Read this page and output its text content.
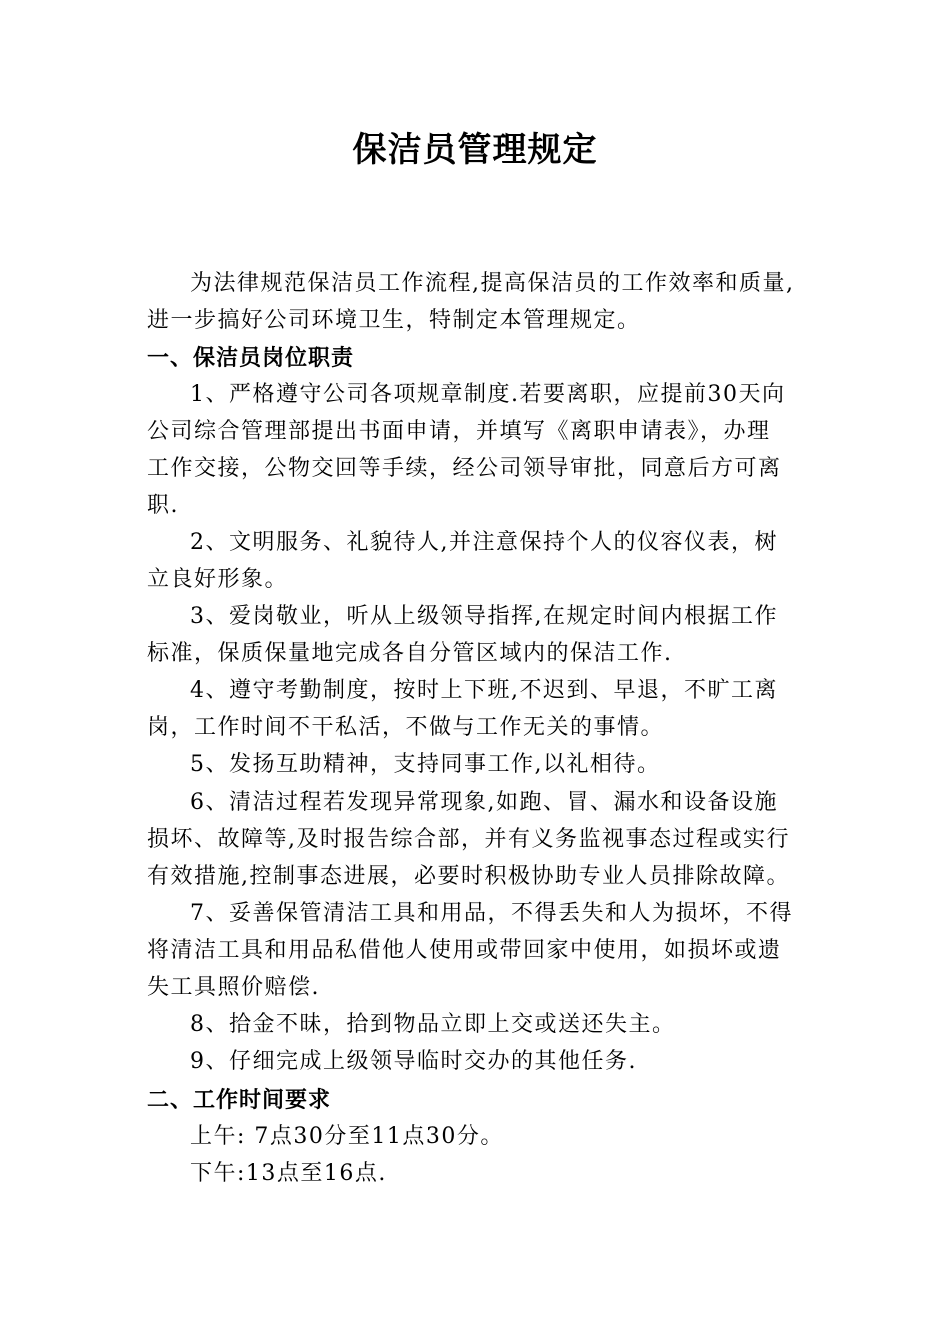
保洁员管理规定
为法律规范保洁员工作流程,提高保洁员的工作效率和质量,
进一步搞好公司环境卫生，特制定本管理规定。
一、保洁员岗位职责
1、严格遵守公司各项规章制度.若要离职，应提前30天向
公司综合管理部提出书面申请，并填写《离职申请表》，办理
工作交接，公物交回等手续，经公司领导审批，同意后方可离
职.
2、文明服务、礼貌待人,并注意保持个人的仪容仪表，树
立良好形象。
3、爱岗敬业，听从上级领导指挥,在规定时间内根据工作
标准，保质保量地完成各自分管区域内的保洁工作.
4、遵守考勤制度，按时上下班,不迟到、早退，不旷工离
岗，工作时间不干私活，不做与工作无关的事情。
5、发扬互助精神，支持同事工作,以礼相待。
6、清洁过程若发现异常现象,如跑、冒、漏水和设备设施
损坏、故障等,及时报告综合部，并有义务监视事态过程或实行
有效措施,控制事态进展，必要时积极协助专业人员排除故障。
7、妥善保管清洁工具和用品，不得丢失和人为损坏，不得
将清洁工具和用品私借他人使用或带回家中使用，如损坏或遗
失工具照价赔偿.
8、拾金不昧，拾到物品立即上交或送还失主。
9、仔细完成上级领导临时交办的其他任务.
二、工作时间要求
上午: 7点30分至11点30分。
下午:13点至16点.
